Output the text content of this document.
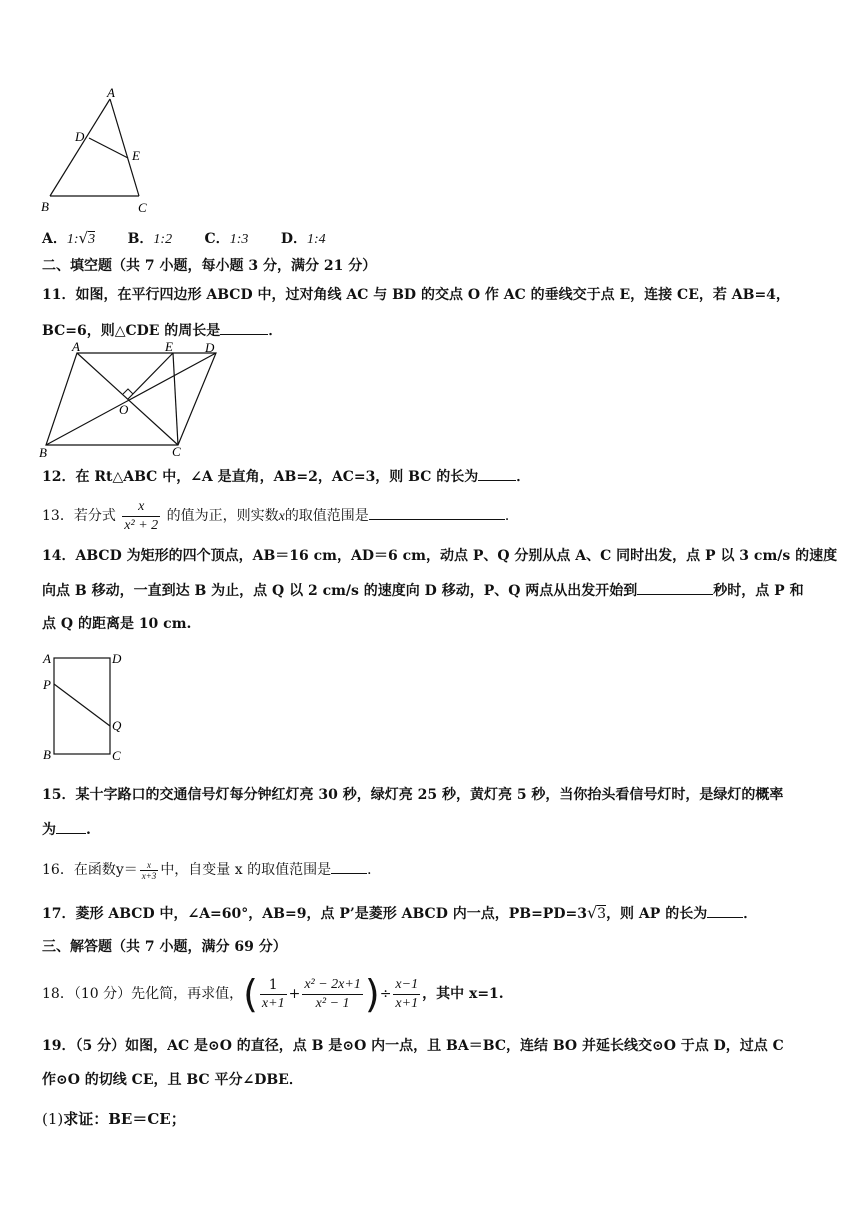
A
D
E
B	C
A．1:√3 B．1:2 C．1:3 D．1:4
二、填空题（共 7 小题，每小题 3 分，满分 21 分）
11．如图，在平行四边形 ABCD 中，过对角线 AC 与 BD 的交点 O 作 AC 的垂线交于点 E，连接 CE，若 AB=4，
BC=6，则△CDE 的周长是	．
A	E D
O
B	C
12．在 Rt△ABC 中，∠A 是直角，AB=2，AC=3，则 BC 的长为	．
13．若分式 $\frac{x}{\text{x² + 2}}$ 的值为正，则实数x的取值范围是	．
14．ABCD 为矩形的四个顶点，AB＝16 cm，AD＝6 cm，动点 P、Q 分别从点 A、C 同时出发，点 P 以 3 cm/s 的速度
向点 B 移动，一直到达 B 为止，点 Q 以 2 cm/s 的速度向 D 移动，P、Q 两点从出发开始到	秒时，点 P 和
点 Q 的距离是 10 cm.
A	D
P
Q
B	C
15．某十字路口的交通信号灯每分钟红灯亮 30 秒，绿灯亮 25 秒，黄灯亮 5 秒，当你抬头看信号灯时，是绿灯的概率
为 .
16．在函数$y= \frac{x}{x+3}$ 中，自变量 x 的取值范围是	．
17．菱形 ABCD 中，∠A=60°，AB=9，点 P’是菱形 ABCD 内一点，PB=PD=3√3，则 AP 的长为	．
三、解答题（共 7 小题，满分 69 分）
18．（10 分）先化简，再求值，( $\frac{1}{x+1} + \frac{\text{x² − 2x+1}}{\text{x² − 1}}$ )÷ $\frac{x-1}{x+1}$ ，其中 x=1.
19．（5 分）如图，AC 是⊙O 的直径，点 B 是⊙O 内一点，且 BA＝BC，连结 BO 并延长线交⊙O 于点 D，过点 C
作⊙O 的切线 CE，且 BC 平分∠DBE．
(1)求证：BE＝CE；
